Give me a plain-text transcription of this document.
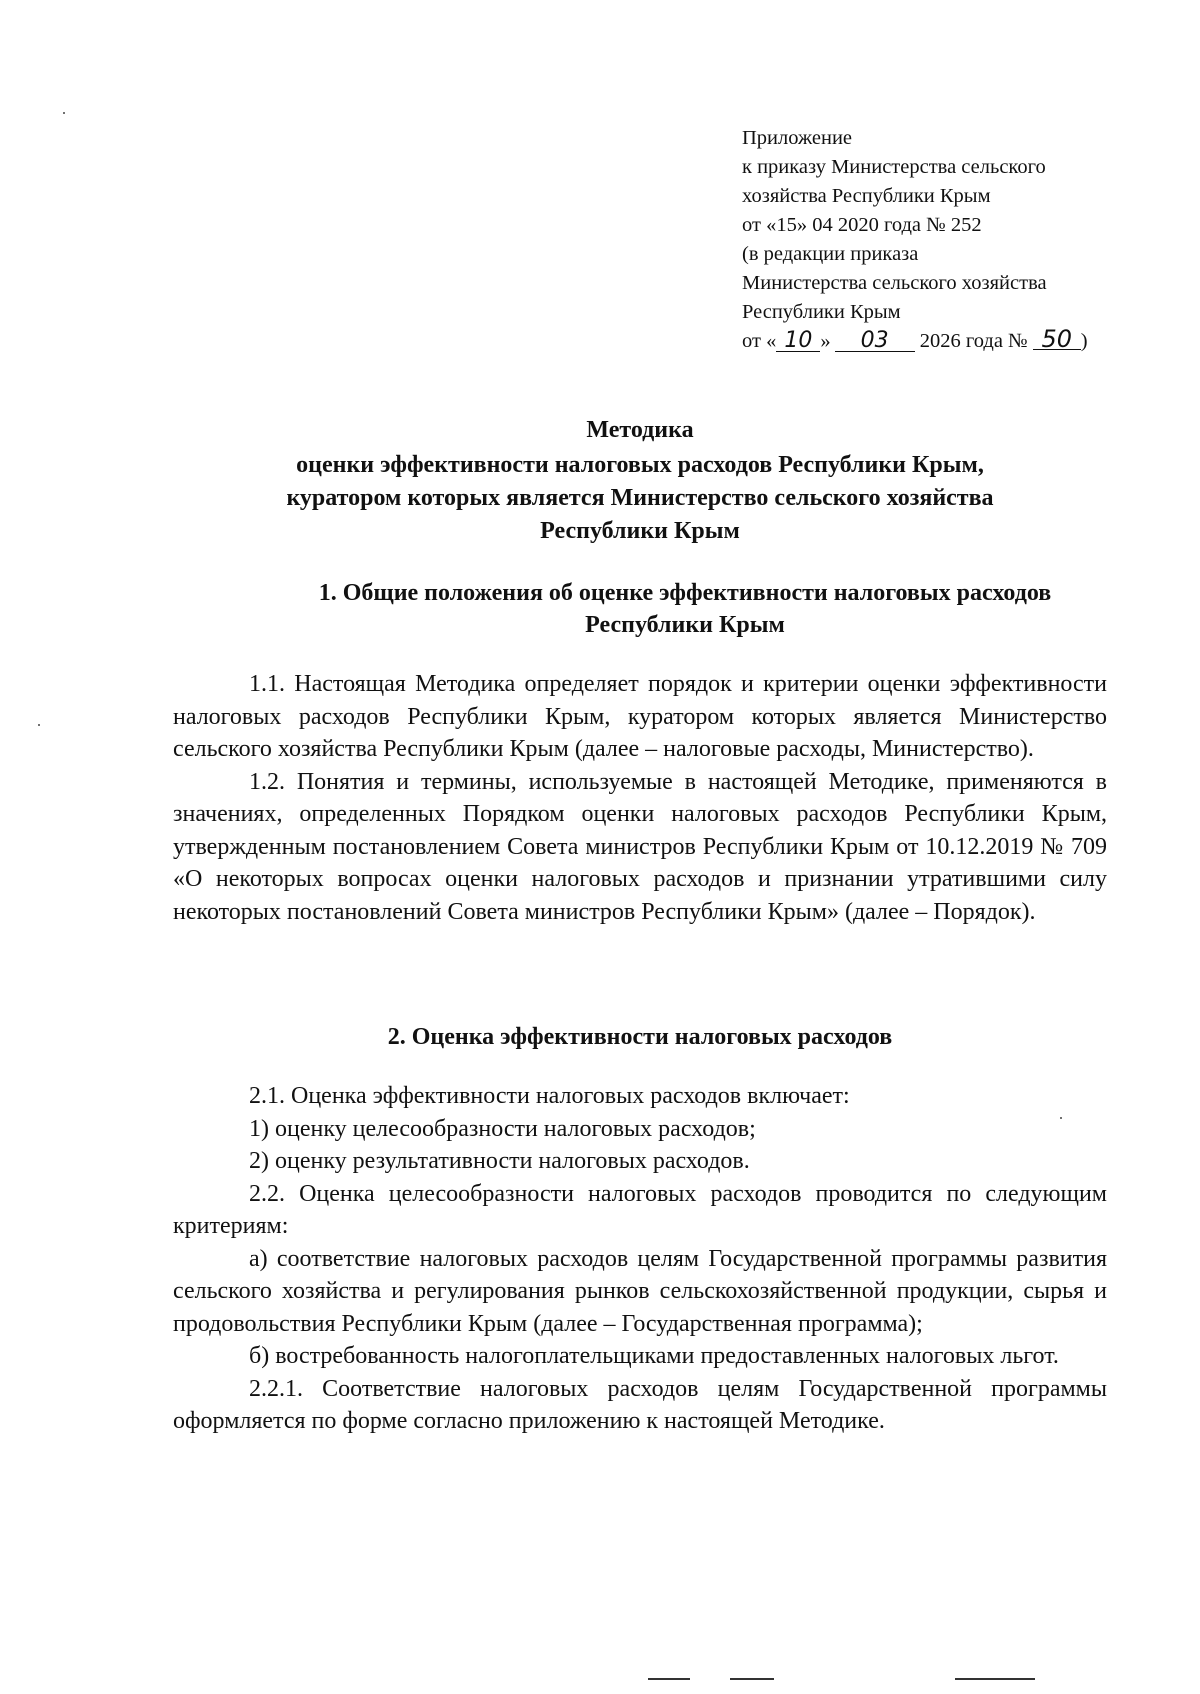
Приложение
к приказу Министерства сельского
хозяйства Республики Крым
от «15» 04 2020 года № 252
(в редакции приказа
Министерства сельского хозяйства
Республики Крым
от « 10 » 03 2026 года № 50 )
Методика
оценки эффективности налоговых расходов Республики Крым,
куратором которых является Министерство сельского хозяйства
Республики Крым
1. Общие положения об оценке эффективности налоговых расходов
Республики Крым

1.1. Настоящая Методика определяет порядок и критерии оценки эффективности налоговых расходов Республики Крым, куратором которых является Министерство сельского хозяйства Республики Крым (далее – налоговые расходы, Министерство).

1.2. Понятия и термины, используемые в настоящей Методике, применяются в значениях, определенных Порядком оценки налоговых расходов Республики Крым, утвержденным постановлением Совета министров Республики Крым от 10.12.2019 № 709 «О некоторых вопросах оценки налоговых расходов и признании утратившими силу некоторых постановлений Совета министров Республики Крым» (далее – Порядок).

2. Оценка эффективности налоговых расходов

2.1. Оценка эффективности налоговых расходов включает:

1) оценку целесообразности налоговых расходов;

2) оценку результативности налоговых расходов.

2.2. Оценка целесообразности налоговых расходов проводится по следующим критериям:

а) соответствие налоговых расходов целям Государственной программы развития сельского хозяйства и регулирования рынков сельскохозяйственной продукции, сырья и продовольствия Республики Крым (далее – Государственная программа);

б) востребованность налогоплательщиками предоставленных налоговых льгот.

2.2.1. Соответствие налоговых расходов целям Государственной программы оформляется по форме согласно приложению к настоящей Методике.
